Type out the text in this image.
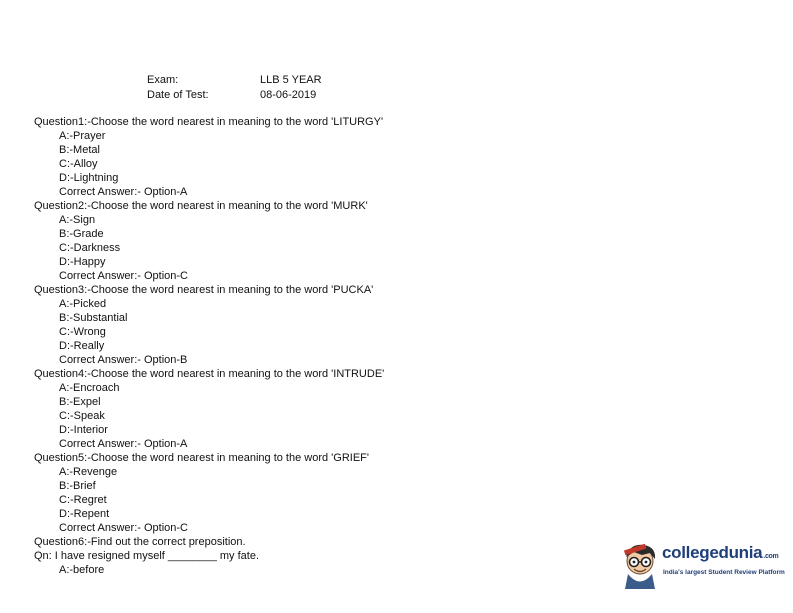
Exam:	LLB 5 YEAR
Date of Test:	08-06-2019
Question1:-Choose the word nearest in meaning to the word 'LITURGY'
A:-Prayer
B:-Metal
C:-Alloy
D:-Lightning
Correct Answer:- Option-A
Question2:-Choose the word nearest in meaning to the word 'MURK'
A:-Sign
B:-Grade
C:-Darkness
D:-Happy
Correct Answer:- Option-C
Question3:-Choose the word nearest in meaning to the word 'PUCKA'
A:-Picked
B:-Substantial
C:-Wrong
D:-Really
Correct Answer:- Option-B
Question4:-Choose the word nearest in meaning to the word 'INTRUDE'
A:-Encroach
B:-Expel
C:-Speak
D:-Interior
Correct Answer:- Option-A
Question5:-Choose the word nearest in meaning to the word 'GRIEF'
A:-Revenge
B:-Brief
C:-Regret
D:-Repent
Correct Answer:- Option-C
Question6:-Find out the correct preposition.
Qn: I have resigned myself ________ my fate.
A:-before
collegedunia.com
India's largest Student Review Platform
